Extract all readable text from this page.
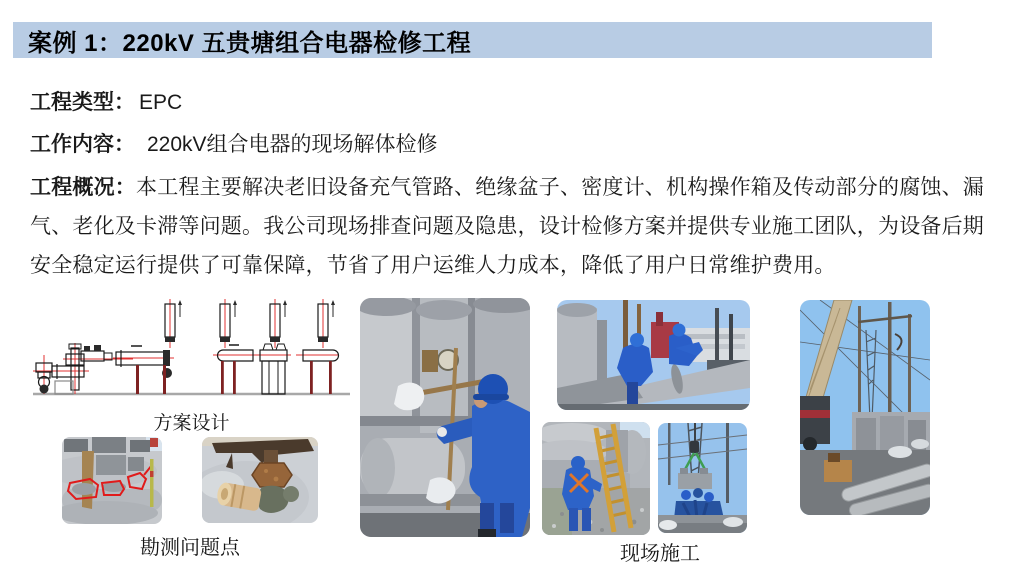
案例 1：220kV 五贵塘组合电器检修工程
工程类型： EPC
工作内容： 220kV组合电器的现场解体检修
工程概况：本工程主要解决老旧设备充气管路、绝缘盆子、密度计、机构操作箱及传动部分的腐蚀、漏气、老化及卡滞等问题。我公司现场排查问题及隐患，设计检修方案并提供专业施工团队，为设备后期安全稳定运行提供了可靠保障，节省了用户运维人力成本，降低了用户日常维护费用。
方案设计
勘测问题点	现场施工
